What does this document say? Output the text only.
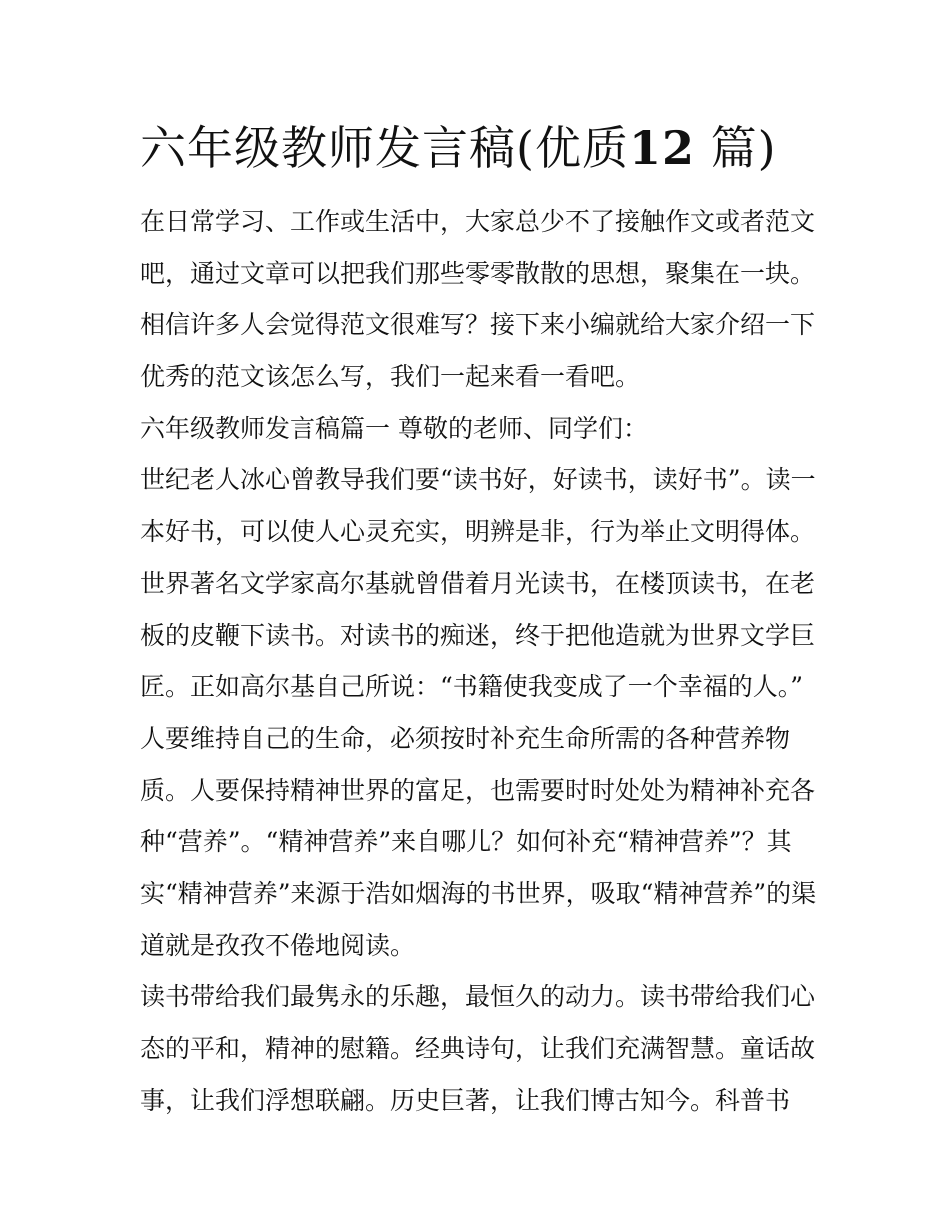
六年级教师发言稿(优质12 篇)
在日常学习、工作或生活中，大家总少不了接触作文或者范文
吧，通过文章可以把我们那些零零散散的思想，聚集在一块。
相信许多人会觉得范文很难写？接下来小编就给大家介绍一下
优秀的范文该怎么写，我们一起来看一看吧。
六年级教师发言稿篇一 尊敬的老师、同学们：
世纪老人冰心曾教导我们要“读书好，好读书，读好书”。读一
本好书，可以使人心灵充实，明辨是非，行为举止文明得体。
世界著名文学家高尔基就曾借着月光读书，在楼顶读书，在老
板的皮鞭下读书。对读书的痴迷，终于把他造就为世界文学巨
匠。正如高尔基自己所说：“书籍使我变成了一个幸福的人。”
人要维持自己的生命，必须按时补充生命所需的各种营养物
质。人要保持精神世界的富足，也需要时时处处为精神补充各
种“营养”。“精神营养”来自哪儿？如何补充“精神营养”？其
实“精神营养”来源于浩如烟海的书世界，吸取“精神营养”的渠
道就是孜孜不倦地阅读。
读书带给我们最隽永的乐趣，最恒久的动力。读书带给我们心
态的平和，精神的慰籍。经典诗句，让我们充满智慧。童话故
事，让我们浮想联翩。历史巨著，让我们博古知今。科普书
